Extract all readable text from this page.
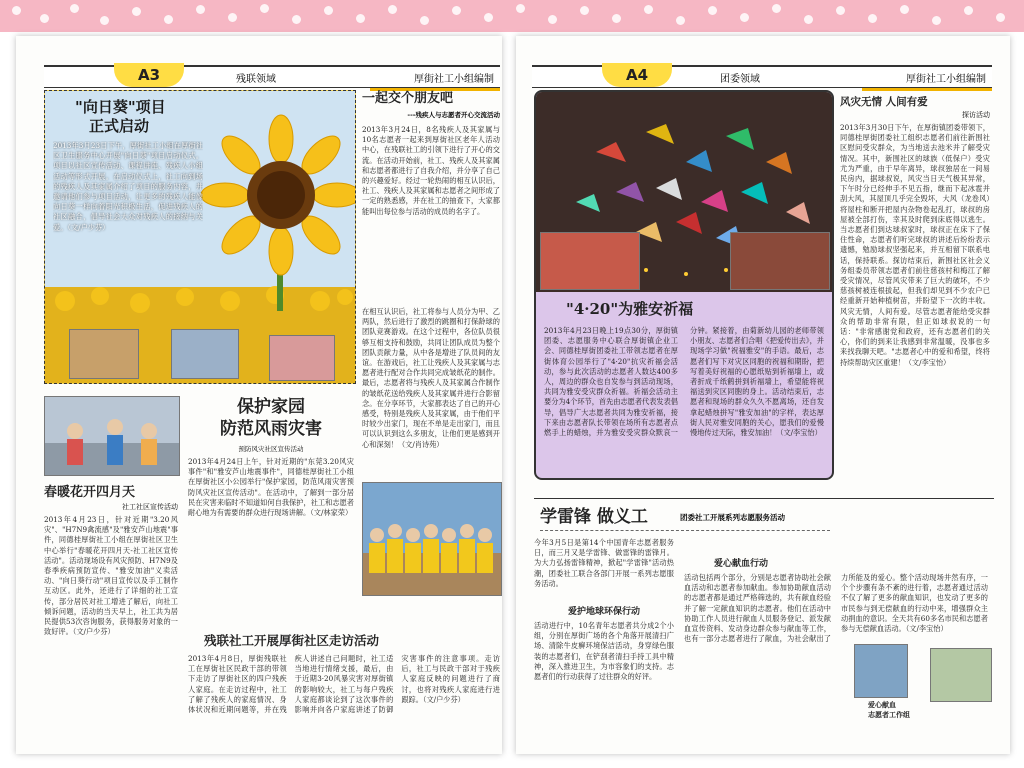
A3	残联领域	厚街社工小组编制
"向日葵"项目
正式启动
2013年3月23日下午，厚街社工小组在厚街社区卫生服务中心开展"向日葵"项目启动仪式。项目以社区宣传活动、课程讲座、残疾人小组活动等形式开展。在启动仪式上，社工向到场的残疾人及其家属介绍了项目的服务内容，并邀请他们参与项目活动，让更多的残疾人能像向日葵一样向着阳光积极生活，促进残疾人的社区融合，倡导社会大众对残疾人的接纳与关爱。（文/户少芬）
一起交个朋友吧
---残疾人与志愿者开心交流活动
2013年3月24日，8名残疾人及其家属与10名志愿者一起来到厚街社区老年人活动中心，在残联社工的引领下进行了开心的交流。在活动开始前，社工、残疾人及其家属和志愿者都进行了自我介绍，并分享了自己的兴趣爱好。经过一轮热闹的相互认识后，社工、残疾人及其家属和志愿者之间形成了一定的熟悉感，并在社工的抽查下，大家都能叫出每位参与活动的成员的名字了。
在相互认识后，社工将参与人员分为甲、乙两队，然后进行了激烈的跳圈和打保龄球的团队竞赛游戏。在这个过程中，各位队员很够互相支持和鼓励，共同让团队成员为整个团队贡献力量，从中各是增进了队员间的友谊。在游戏后，社工让残疾人及其家属与志愿者进行配对合作共同完成皱纸花的制作。最后，志愿者将与残疾人及其家属合作制作的皱纸花送给残疾人及其家属并进行合影留念。在分享环节，大家都表达了自己的开心感受，特别是残疾人及其家属，由于他们平时较少出家门，现在不单是走出家门，而且可以认识到这么多朋友，让他们更是感到开心和深刻！（文/肖诗苑）
春暖花开四月天
社工社区宣传活动
2013年4月23日，针对近期"3.20风灾"、"H7N9禽流感"及"雅安芦山地震"事件，同德桂厚街社工小组在厚街社区卫生中心举行"春暖花开四月天-社工社区宣传活动"。活动现场设有风灾预防、H7N9及春季疾病预防宣传、"雅安加油"义卖活动、"向日葵行动"项目宣传以及手工制作互动区。此外，还进行了详细的社工宣传，部分居民对社工增进了解后，向社工倾诉问题，活动的当天早上，社工共为居民提供53次咨询服务，获得服务对象的一致好评。（文/户少芬）
保护家园
防范风雨灾害
预防风灾社区宣传活动
2013年4月24日上午，针对近期的"东莞3.20风灾事件"和"雅安芦山地震事件"，同德桂厚街社工小组在厚街社区小公园举行"保护家园，防范风雨灾害预防风灾社区宣传活动"。在活动中，了解到一部分居民在灾害来临时不知道如何自我保护，社工和志愿者耐心地为有需要的群众进行现场讲解。（文/林家荣）
残联社工开展厚街社区走访活动
2013年4月8日，厚街残联社工在厚街社区民政干部的带领下走访了厚街社区的四户残疾人家庭。在走访过程中，社工了解了残疾人的家庭情况、身体状况和近期问题等，并在残疾人讲述自己问题时，社工适当地进行情绪支援，最后，由于近期3·20风暴灾害对厚街镇的影响较大，社工与每户残疾人家庭都谈论到了这次事件的影响并向各户家庭讲述了防御灾害事件的注意事项。走访后，社工与民政干部对于残疾人家庭反映的问题进行了商讨，也将对残疾人家庭进行进跟踪。（文/户少芬）
A4	团委领域	厚街社工小组编制
"4·20"为雅安祈福
2013年4月23日晚上19点30分，厚街镇团委、志愿服务中心联合厚街镇企业工会、同德桂厚街团委社工带领志愿者在厚街体育公园举行了"4·20"抗灾祈福会活动，参与此次活动的志愿者人数达400多人，周边的群众也自发参与到活动现场，共同为雅安受灾群众祈福。祈福会活动主要分为4个环节，首先由志愿者代表发表倡导，倡导广大志愿者共同为雅安祈福，接下来由志愿者队长带领在场所有志愿者点燃手上的蜡烛，并为雅安受灾群众默哀一分钟。紧接着，由菊新幼儿园的老师带领小朋友、志愿者们合唱《把爱传出去》，并现场学习做"祝福雅安"的手语。最后，志愿者们写下对灾区同胞的祝福和期盼，把写着美好祝福的心愿纸贴到祈福墙上，或者折成千纸鹤拼到祈福墙上，希望能将祝福送到灾区同胞的身上。活动结束后，志愿者和现场的群众久久不愿离场，还自发拿起蜡烛拼写"雅安加油"的字样，表达厚街人民对雅安同胞的关心，愿我们的爱慢慢地传过天际，雅安加油！（文/李宝怡）
风灾无情 人间有爱
探访活动
2013年3月30日下午，在厚街镇团委带领下，同德桂厚街团委社工组织志愿者们前往新围社区慰问受灾群众，为当地送去池米并了解受灾情况。其中，新围社区的球族（低保户）受灾尤为严重，由于早年离异，球叔独居在一间易民房内，据球叔说，风灾当日天气极其异常，下午时分已经伸手不见五指，继而下起冰雹并刮大风，其屋顶几乎完全毁坏，大风（龙卷风）将屋柱和断开把屋内杂物卷起乱打，球叔的房屋被全部打伤，幸其及时爬到床底得以逃生。当志愿者们到达球叔家时，球叔正在床下了保住性命，志愿者们听完球叔的讲述后纷纷表示遗憾，勉励球叔坚强起来，并互相留下联系电话，保持联系。探访结束后，新围社区社会义务组委员带领志愿者们前往慈孩村和梅江了解受灾情况，尽管风灾带来了巨大的破坏，不少慈孩树被连根拔起，但我们却见到不少农户已经重新开始种植树苗，并盼望下一次的丰收。风灾无情，人间有爱。尽管志愿者能给受灾群众的帮助非常有限，但正如球叔说的一句话："非常感谢党和政府，还有志愿者们的关心，你们的到来让我感到非常温暖，没事也多来找我聊天吧。"志愿者心中的爱和希望，终将持续帮助灾区重建！（文/李宝怡）
学雷锋 做义工	团委社工开展系列志愿服务活动
今年3月5日是第14个中国青年志愿者服务日，而三月又是学雷锋、做雷锋的雷锋月。为大力弘扬雷锋精神，掀起"学雷锋"活动热潮，团委社工联合各部门开展一系列志愿服务活动。
爱护地球环保行动
活动进行中，10名青年志愿者共分成2个小组，分别在厚街广场的各个角落开展清扫广场、清除牛皮癣环境保洁活动，身穿绿色服装的志愿者们，在铲刮者清扫手持工具中精神，深入推进卫生，为市容象们的支持。志愿者们的行动获得了过往群众的好评。
爱心献血行动
活动包括两个部分，分别是志愿者协助社会献血活动和志愿者参加献血。参加协助献血活动的志愿者都是通过严格筛选的，共有献血经验并了解一定献血知识的志愿者。他们在活动中协助工作人员进行献血人员服务登记、派发献血宣传资料、发动身边群众参与献血等工作，也有一部分志愿者进行了献血，为社会献出了力所能及的爱心。整个活动现场井然有序，一个个步骤有条不紊的进行着，志愿者通过活动不仅了解了更多的献血知识，也发动了更多的市民参与到无偿献血的行动中来，增强群众主动捐血的意识。全天共有60多名市民和志愿者参与无偿献血活动。（文/李宝怡）
爱心献血
志愿者工作组
